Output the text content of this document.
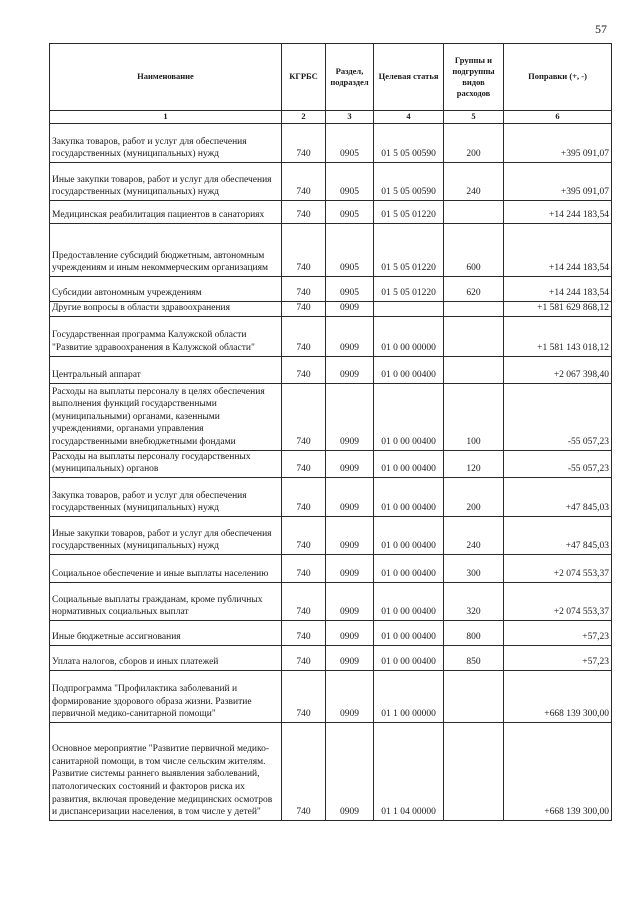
57
Наименование	КГРБС	Раздел, подраздел	Целевая статья	Группы и подгруппы видов расходов	Поправки (+, -)
1	2	3	4	5	6
Закупка товаров, работ и услуг для обеспечения государственных (муниципальных) нужд	740	0905	01 5 05 00590	200	+395 091,07
Иные закупки товаров, работ и услуг для обеспечения государственных (муниципальных) нужд	740	0905	01 5 05 00590	240	+395 091,07
Медицинская реабилитация пациентов в санаториях	740	0905	01 5 05 01220		+14 244 183,54
Предоставление субсидий бюджетным, автономным учреждениям и иным некоммерческим организациям	740	0905	01 5 05 01220	600	+14 244 183,54
Субсидии автономным учреждениям	740	0905	01 5 05 01220	620	+14 244 183,54
Другие вопросы в области здравоохранения	740	0909			+1 581 629 868,12
Государственная программа Калужской области "Развитие здравоохранения в Калужской области"	740	0909	01 0 00 00000		+1 581 143 018,12
Центральный аппарат	740	0909	01 0 00 00400		+2 067 398,40
Расходы на выплаты персоналу в целях обеспечения выполнения функций государственными (муниципальными) органами, казенными учреждениями, органами управления государственными внебюджетными фондами	740	0909	01 0 00 00400	100	-55 057,23
Расходы на выплаты персоналу государственных (муниципальных) органов	740	0909	01 0 00 00400	120	-55 057,23
Закупка товаров, работ и услуг для обеспечения государственных (муниципальных) нужд	740	0909	01 0 00 00400	200	+47 845,03
Иные закупки товаров, работ и услуг для обеспечения государственных (муниципальных) нужд	740	0909	01 0 00 00400	240	+47 845,03
Социальное обеспечение и иные выплаты населению	740	0909	01 0 00 00400	300	+2 074 553,37
Социальные выплаты гражданам, кроме публичных нормативных социальных выплат	740	0909	01 0 00 00400	320	+2 074 553,37
Иные бюджетные ассигнования	740	0909	01 0 00 00400	800	+57,23
Уплата налогов, сборов и иных платежей	740	0909	01 0 00 00400	850	+57,23
Подпрограмма "Профилактика заболеваний и формирование здорового образа жизни. Развитие первичной медико-санитарной помощи"	740	0909	01 1 00 00000		+668 139 300,00
Основное мероприятие "Развитие первичной медико-санитарной помощи, в том числе сельским жителям. Развитие системы раннего выявления заболеваний, патологических состояний и факторов риска их развития, включая проведение медицинских осмотров и диспансеризации населения, в том числе у детей"	740	0909	01 1 04 00000		+668 139 300,00
